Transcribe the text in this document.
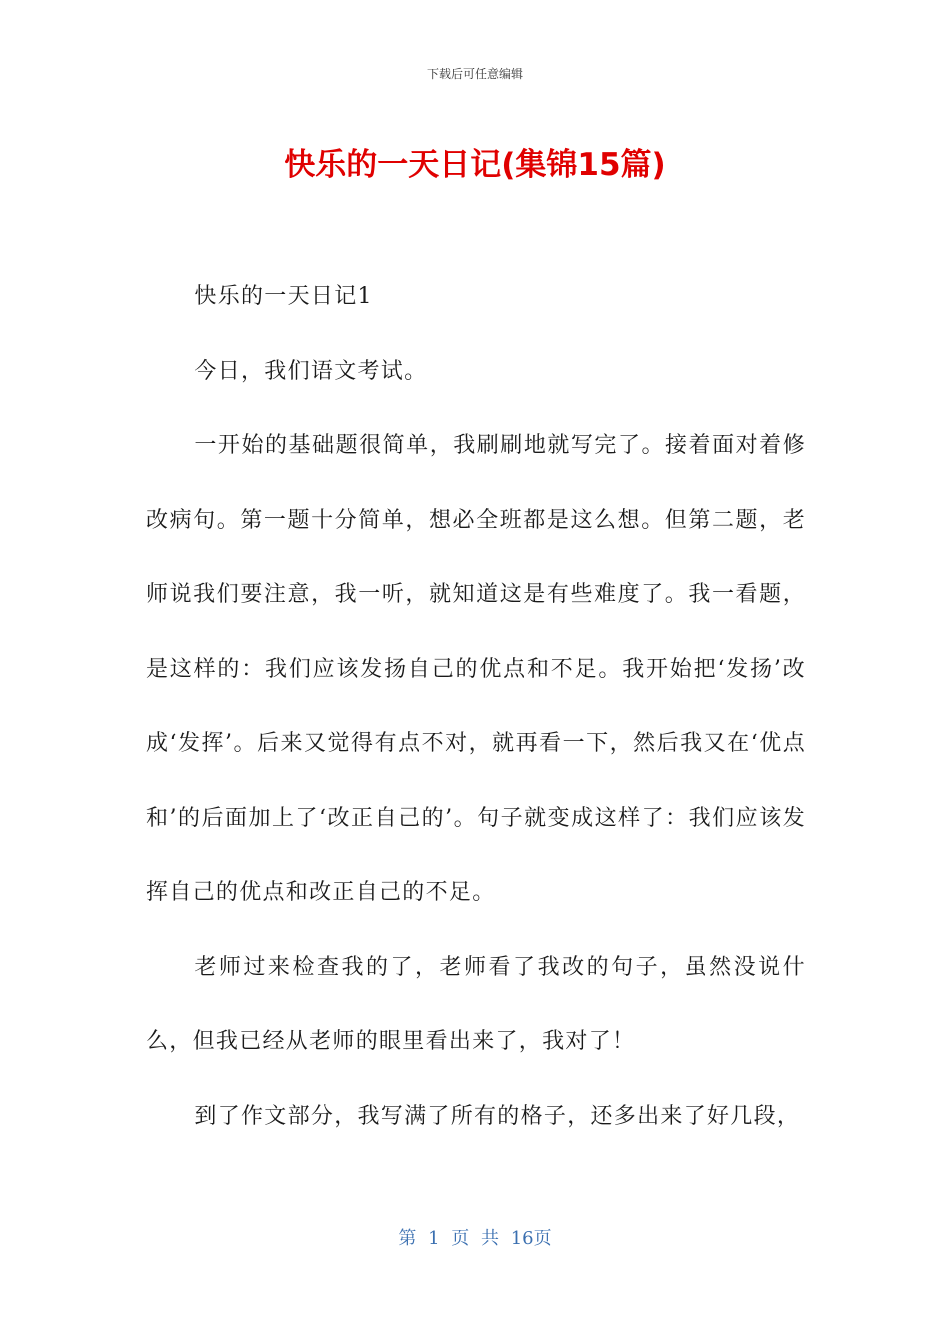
下载后可任意编辑
快乐的一天日记(集锦15篇)

快乐的一天日记1

今日，我们语文考试。

一开始的基础题很简单，我刷刷地就写完了。接着面对着修改病句。第一题十分简单，想必全班都是这么想。但第二题，老师说我们要注意，我一听，就知道这是有些难度了。我一看题，是这样的：我们应该发扬自己的优点和不足。我开始把‘发扬’改成‘发挥’。后来又觉得有点不对，就再看一下，然后我又在‘优点和’的后面加上了‘改正自己的’。句子就变成这样了：我们应该发挥自己的优点和改正自己的不足。

老师过来检查我的了，老师看了我改的句子，虽然没说什么，但我已经从老师的眼里看出来了，我对了！

到了作文部分，我写满了所有的格子，还多出来了好几段，

第 1 页 共 16页
